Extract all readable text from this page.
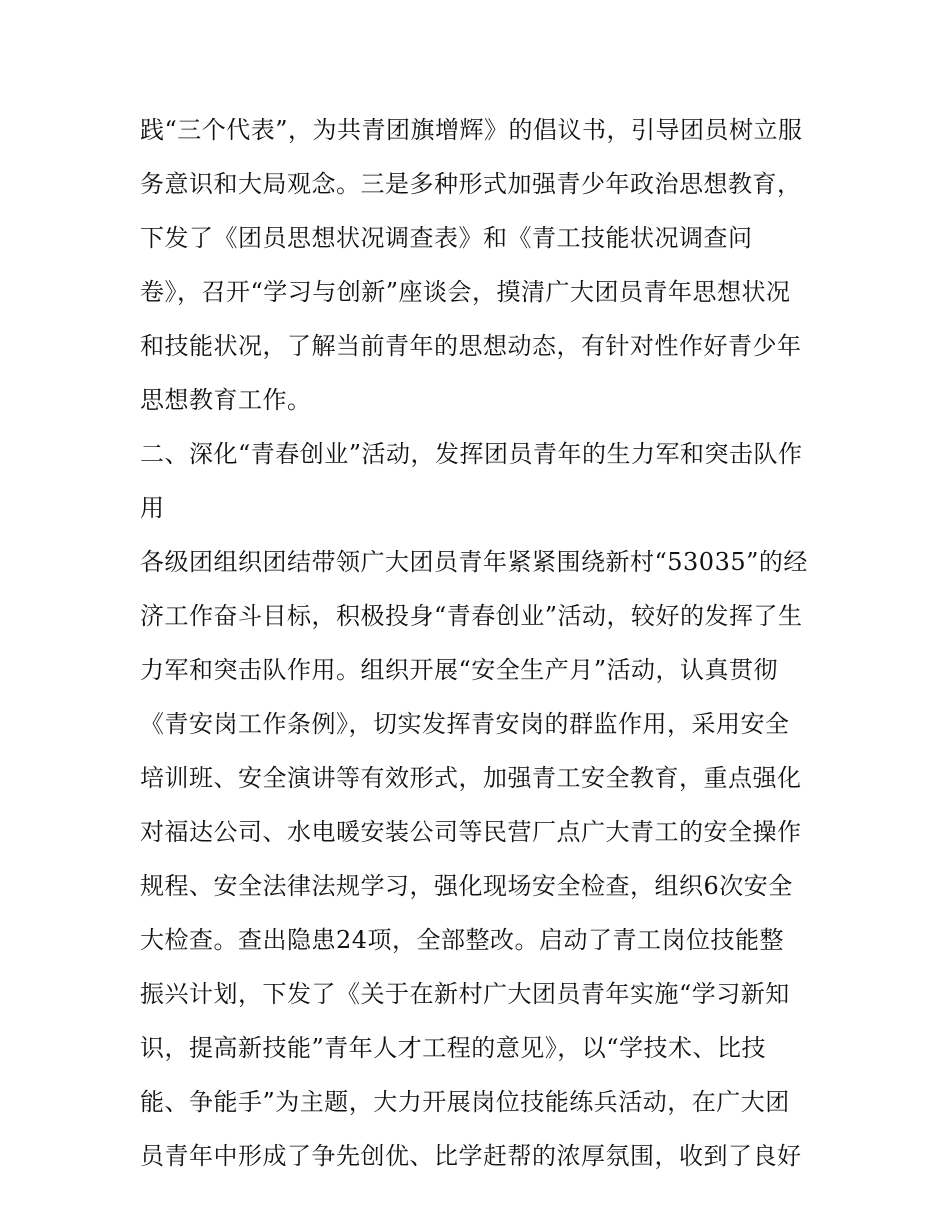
践“三个代表”，为共青团旗增辉》的倡议书，引导团员树立服
务意识和大局观念。三是多种形式加强青少年政治思想教育，
下发了《团员思想状况调查表》和《青工技能状况调查问
卷》，召开“学习与创新”座谈会，摸清广大团员青年思想状况
和技能状况，了解当前青年的思想动态，有针对性作好青少年
思想教育工作。
二、深化“青春创业”活动，发挥团员青年的生力军和突击队作
用
各级团组织团结带领广大团员青年紧紧围绕新村“53035”的经
济工作奋斗目标，积极投身“青春创业”活动，较好的发挥了生
力军和突击队作用。组织开展“安全生产月”活动，认真贯彻
《青安岗工作条例》，切实发挥青安岗的群监作用，采用安全
培训班、安全演讲等有效形式，加强青工安全教育，重点强化
对福达公司、水电暖安装公司等民营厂点广大青工的安全操作
规程、安全法律法规学习，强化现场安全检查，组织6次安全
大检查。查出隐患24项，全部整改。启动了青工岗位技能整
振兴计划，下发了《关于在新村广大团员青年实施“学习新知
识，提高新技能”青年人才工程的意见》，以“学技术、比技
能、争能手”为主题，大力开展岗位技能练兵活动，在广大团
员青年中形成了争先创优、比学赶帮的浓厚氛围，收到了良好
